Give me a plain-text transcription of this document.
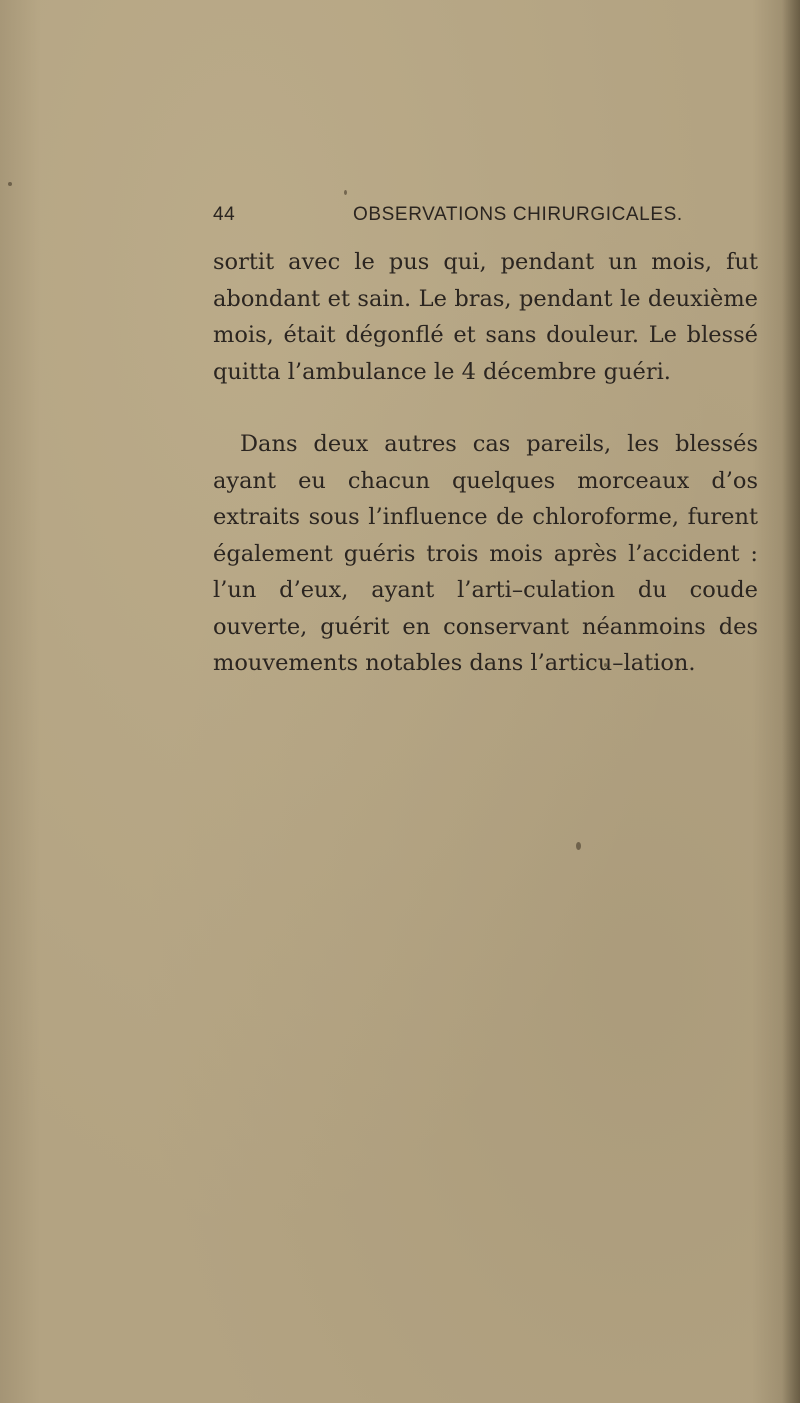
44	OBSERVATIONS CHIRURGICALES.

sortit avec le pus qui, pendant un mois, fut abondant et sain. Le bras, pendant le deuxième mois, était dégonflé et sans douleur. Le blessé quitta l’ambulance le 4 décembre guéri.

Dans deux autres cas pareils, les blessés ayant eu chacun quelques morceaux d’os extraits sous l’influence de chloroforme, furent également guéris trois mois après l’accident : l’un d’eux, ayant l’arti–culation du coude ouverte, guérit en conservant néanmoins des mouvements notables dans l’articu–lation.
